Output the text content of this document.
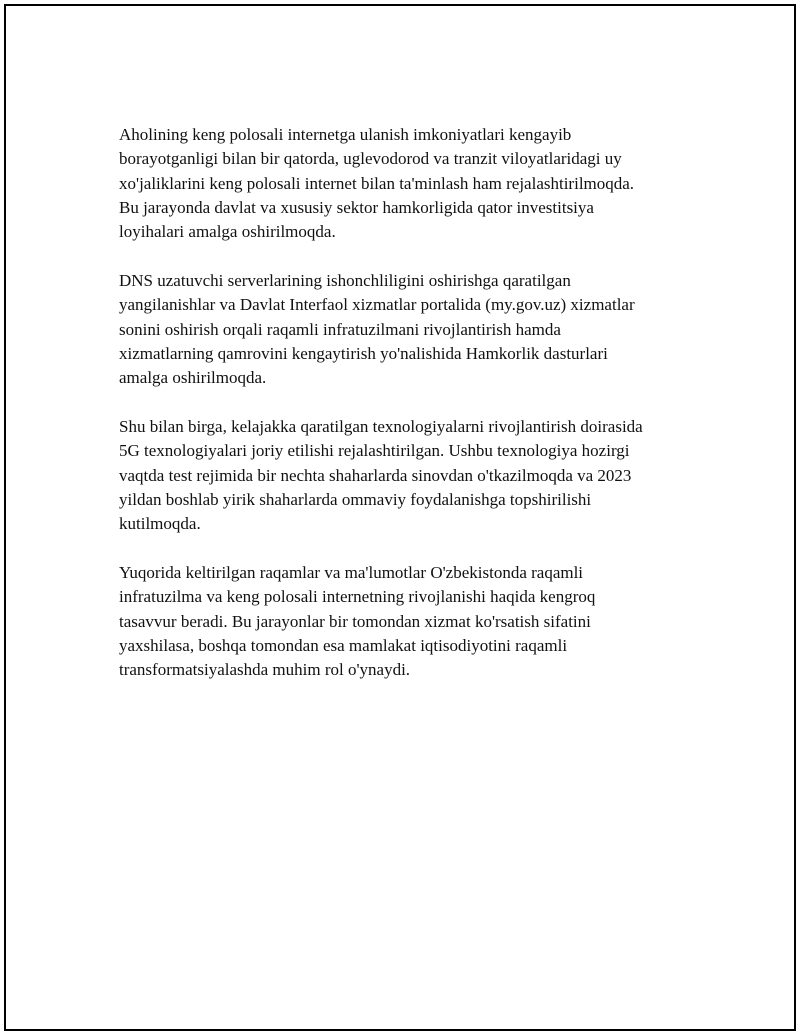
Aholining keng polosali internetga ulanish imkoniyatlari kengayib
borayotganligi bilan bir qatorda, uglevodorod va tranzit viloyatlaridagi uy
xo'jaliklarini keng polosali internet bilan ta'minlash ham rejalashtirilmoqda.
Bu jarayonda davlat va xususiy sektor hamkorligida qator investitsiya
loyihalari amalga oshirilmoqda.

DNS uzatuvchi serverlarining ishonchliligini oshirishga qaratilgan
yangilanishlar va Davlat Interfaol xizmatlar portalida (my.gov.uz) xizmatlar
sonini oshirish orqali raqamli infratuzilmani rivojlantirish hamda
xizmatlarning qamrovini kengaytirish yo'nalishida Hamkorlik dasturlari
amalga oshirilmoqda.

Shu bilan birga, kelajakka qaratilgan texnologiyalarni rivojlantirish doirasida
5G texnologiyalari joriy etilishi rejalashtirilgan. Ushbu texnologiya hozirgi
vaqtda test rejimida bir nechta shaharlarda sinovdan o'tkazilmoqda va 2023
yildan boshlab yirik shaharlarda ommaviy foydalanishga topshirilishi
kutilmoqda.

Yuqorida keltirilgan raqamlar va ma'lumotlar O'zbekistonda raqamli
infratuzilma va keng polosali internetning rivojlanishi haqida kengroq
tasavvur beradi. Bu jarayonlar bir tomondan xizmat ko'rsatish sifatini
yaxshilasa, boshqa tomondan esa mamlakat iqtisodiyotini raqamli
transformatsiyalashda muhim rol o'ynaydi.
